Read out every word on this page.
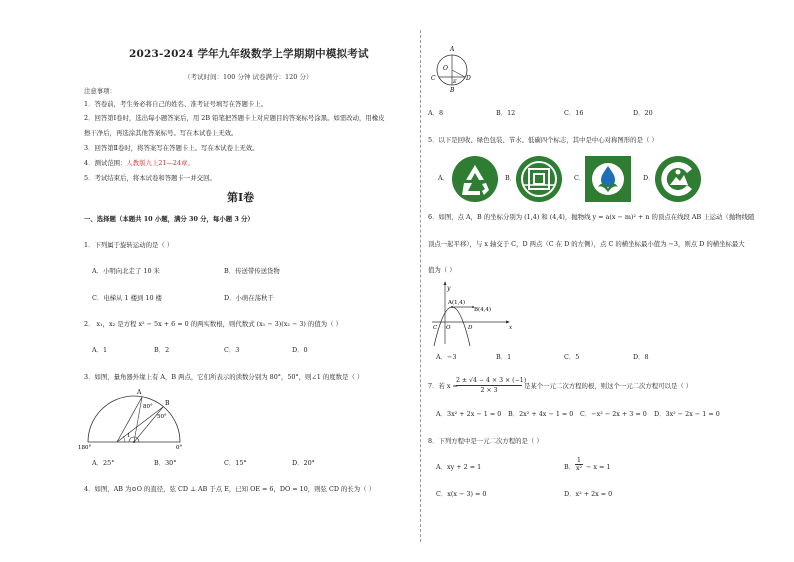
2023-2024 学年九年级数学上学期期中模拟考试
（考试时间：100 分钟 试卷满分：120 分）
注意事项：
1．答卷前，考生务必将自己的姓名、准考证号填写在答题卡上。
2．回答第Ⅰ卷时，选出每小题答案后，用 2B 铅笔把答题卡上对应题目的答案标号涂黑。如需改动，用橡皮
擦干净后，再选涂其他答案标号。写在本试卷上无效。
3．回答第Ⅱ卷时，将答案写在答题卡上。写在本试卷上无效。
4．测试范围：人教版九上21—24章。
5．考试结束后，将本试卷和答题卡一并交回。
第Ⅰ卷
一、选择题（本题共 10 小题，满分 30 分，每小题 3 分）
1．下列属于旋转运动的是（ ）
A．小明向北走了 10 米	B．传送带传送货物
C．电梯从 1 楼到 10 楼	D．小萌在荡秋千
2． x₁，x₂ 是方程 x² − 5x + 6 = 0 的两实数根，则代数式 (x₁ − 3)(x₂ − 3) 的值为（ ）
A．1	B．2	C．3	D．0
3．如图，量角器外缘上有 A，B 两点，它们所表示的读数分别为 80°，50°，则∠1 的度数是（ ）
A
B
80°
50°
1
180°	0°
A．25°	B．30°	C．15°	D．20°
4．如图，AB 为⊙O 的直径，弦 CD ⊥ AB 于点 E，已知 OE = 6，DO = 10，则弦 CD 的长为（ ）
A
O
C	D
E
B
A．8	B．12	C．16	D．20
5．以下是回收、绿色包装、节水、低碳四个标志，其中是中心对称图形的是（ ）
A．	B．	C．	D．
6．如图，点 A，B 的坐标分别为 (1,4) 和 (4,4)，抛物线 y = a(x − m)² + n 的顶点在线段 AB 上运动（抛物线随
顶点一起平移），与 x 轴交于 C，D 两点（C 在 D 的左侧），点 C 的横坐标最小值为 −3，则点 D 的横坐标最大
值为（ ）
y
A(1,4)
B(4,4)
C O	D	x
A．−3	B．1	C．5	D．8
7．若 x =
$\frac{2 \pm √4 - 4 \times 3 \times (-1)}{2 \times 3}$ 是某个一元二次方程的根，则这个一元二次方程可以是（ ）
A．3x² + 2x − 1 = 0 B．2x² + 4x − 1 = 0 C．−x² − 2x + 3 = 0 D．3x² − 2x − 1 = 0
8．下列方程中是一元二次方程的是（ ）
A．xy + 2 = 1	B． $\frac{1}{\text{x²}} - x = 1$
C．x(x − 3) = 0	D．x² + 2x = 0
